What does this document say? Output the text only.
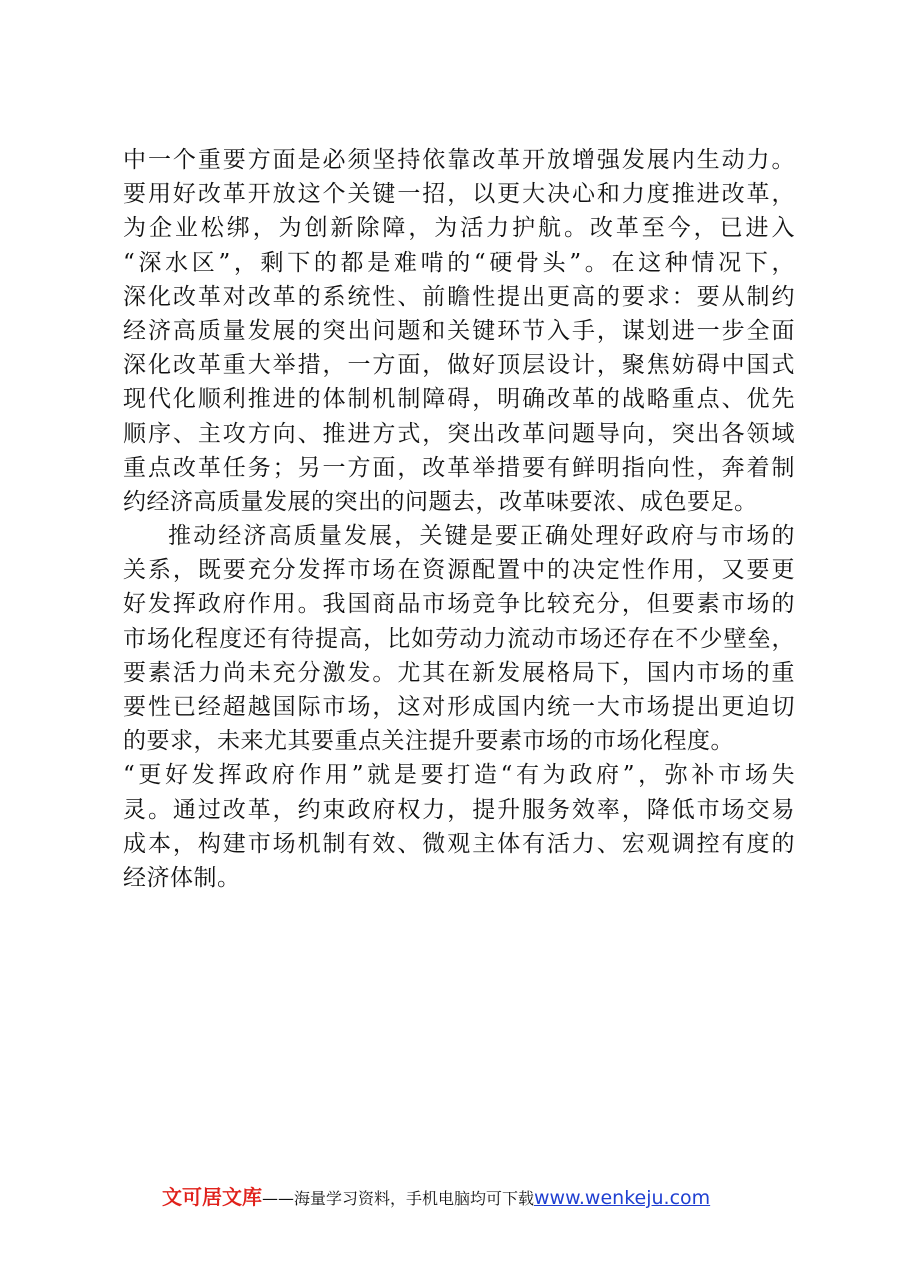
中一个重要方面是必须坚持依靠改革开放增强发展内生动力。
要用好改革开放这个关键一招，以更大决心和力度推进改革，
为企业松绑，为创新除障，为活力护航。改革至今，已进入
“深水区”，剩下的都是难啃的“硬骨头”。在这种情况下，
深化改革对改革的系统性、前瞻性提出更高的要求：要从制约
经济高质量发展的突出问题和关键环节入手，谋划进一步全面
深化改革重大举措，一方面，做好顶层设计，聚焦妨碍中国式
现代化顺利推进的体制机制障碍，明确改革的战略重点、优先
顺序、主攻方向、推进方式，突出改革问题导向，突出各领域
重点改革任务；另一方面，改革举措要有鲜明指向性，奔着制
约经济高质量发展的突出的问题去，改革味要浓、成色要足。
推动经济高质量发展，关键是要正确处理好政府与市场的
关系，既要充分发挥市场在资源配置中的决定性作用，又要更
好发挥政府作用。我国商品市场竞争比较充分，但要素市场的
市场化程度还有待提高，比如劳动力流动市场还存在不少壁垒，
要素活力尚未充分激发。尤其在新发展格局下，国内市场的重
要性已经超越国际市场，这对形成国内统一大市场提出更迫切
的要求，未来尤其要重点关注提升要素市场的市场化程度。
“更好发挥政府作用”就是要打造“有为政府”，弥补市场失
灵。通过改革，约束政府权力，提升服务效率，降低市场交易
成本，构建市场机制有效、微观主体有活力、宏观调控有度的
经济体制。
文可居文库——海量学习资料，手机电脑均可下载www.wenkeju.com
